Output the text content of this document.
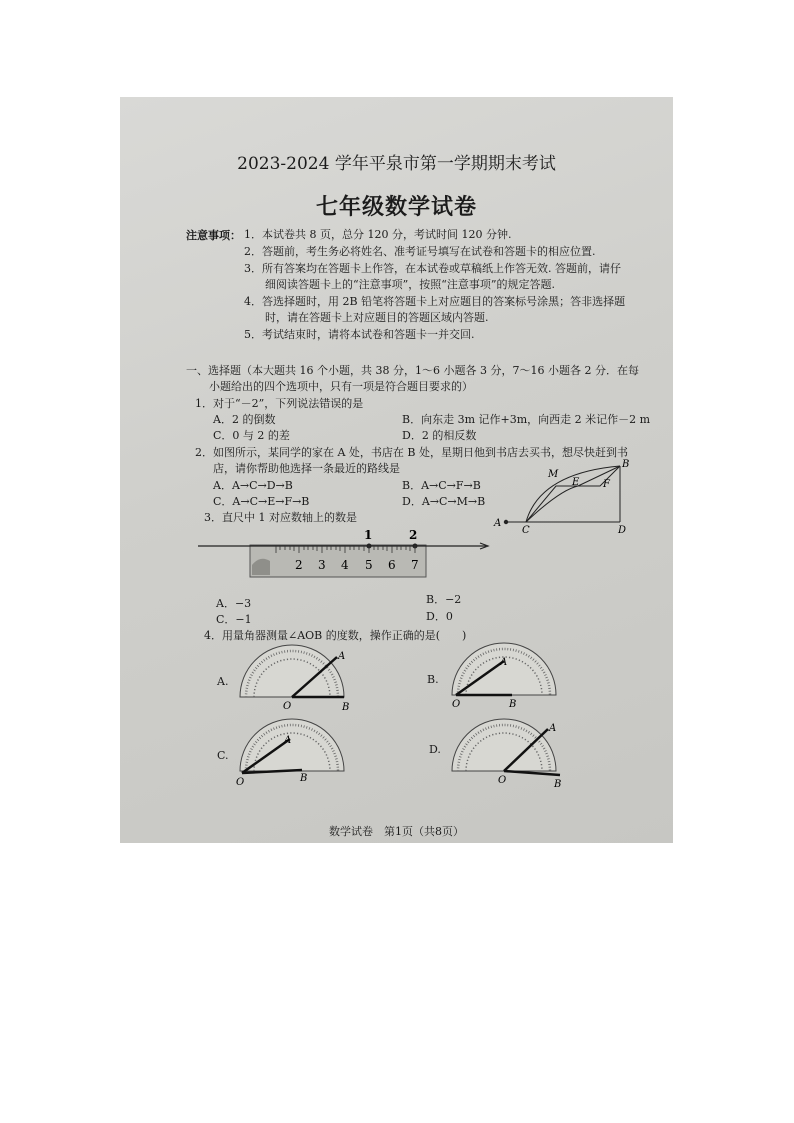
2023-2024 学年平泉市第一学期期末考试
七年级数学试卷
注意事项： 1．本试卷共 8 页，总分 120 分，考试时间 120 分钟.
2．答题前，考生务必将姓名、准考证号填写在试卷和答题卡的相应位置.
3．所有答案均在答题卡上作答，在本试卷或草稿纸上作答无效. 答题前，请仔
细阅读答题卡上的“注意事项”，按照“注意事项”的规定答题.
4．答选择题时，用 2B 铅笔将答题卡上对应题目的答案标号涂黑；答非选择题
时，请在答题卡上对应题目的答题区域内答题.
5．考试结束时，请将本试卷和答题卡一并交回.
一、选择题（本大题共 16 个小题，共 38 分，1～6 小题各 3 分，7～16 小题各 2 分．在每
小题给出的四个选项中，只有一项是符合题目要求的）
1．对于“－2”，下列说法错误的是
A．2 的倒数	B．向东走 3m 记作+3m，向西走 2 米记作－2 m
C．0 与 2 的差	D．2 的相反数
2．如图所示，某同学的家在 A 处，书店在 B 处，星期日他到书店去买书，想尽快赶到书
店，请你帮助他选择一条最近的路线是
A．A→C→D→B	B．A→C→F→B
C．A→C→E→F→B	D．A→C→M→B
A
C	D
M
B
E F
3．直尺中 1 对应数轴上的数是
1	2
2 3 4 5 6 7
A．−3	B．−2
C．−1	D．0
4．用量角器测量∠AOB 的度数，操作正确的是(　　)
A.
A
O	B
B.
A
O	B
C.
A
O	B
D.
A
O	B
数学试卷　第1页（共8页）
